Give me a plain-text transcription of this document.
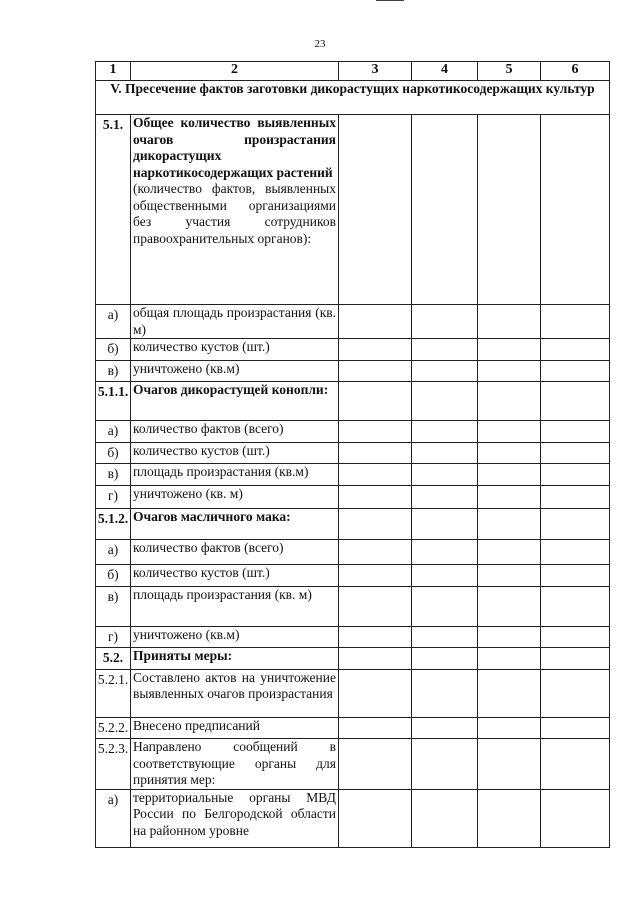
23
1	2	3	4	5	6
V. Пресечение фактов заготовки дикорастущих наркотикосодержащих культур					
5.1.	Общее количество выявленных очагов произрастания дикорастущих наркотикосодержащих растений
(количество фактов, выявленных общественными организациями без участия сотрудников правоохранительных органов):				

а)	общая площадь произрастания (кв. м)				

б)	количество кустов (шт.)				

в)	уничтожено (кв.м)				

5.1.1.	Очагов дикорастущей конопли:				

а)	количество фактов (всего)				

б)	количество кустов (шт.)				

в)	площадь произрастания (кв.м)				

г)	уничтожено (кв. м)				

5.1.2.	Очагов масличного мака:				

а)	количество фактов (всего)				

б)	количество кустов (шт.)				

в)	площадь произрастания (кв. м)				

г)	уничтожено (кв.м)				

5.2.	Приняты меры:				

5.2.1.	Составлено актов на уничтожение выявленных очагов произрастания				

5.2.2.	Внесено предписаний				

5.2.3.	Направлено сообщений в соответствующие органы для принятия мер:				

а)	территориальные органы МВД России по Белгородской области на районном уровне				
